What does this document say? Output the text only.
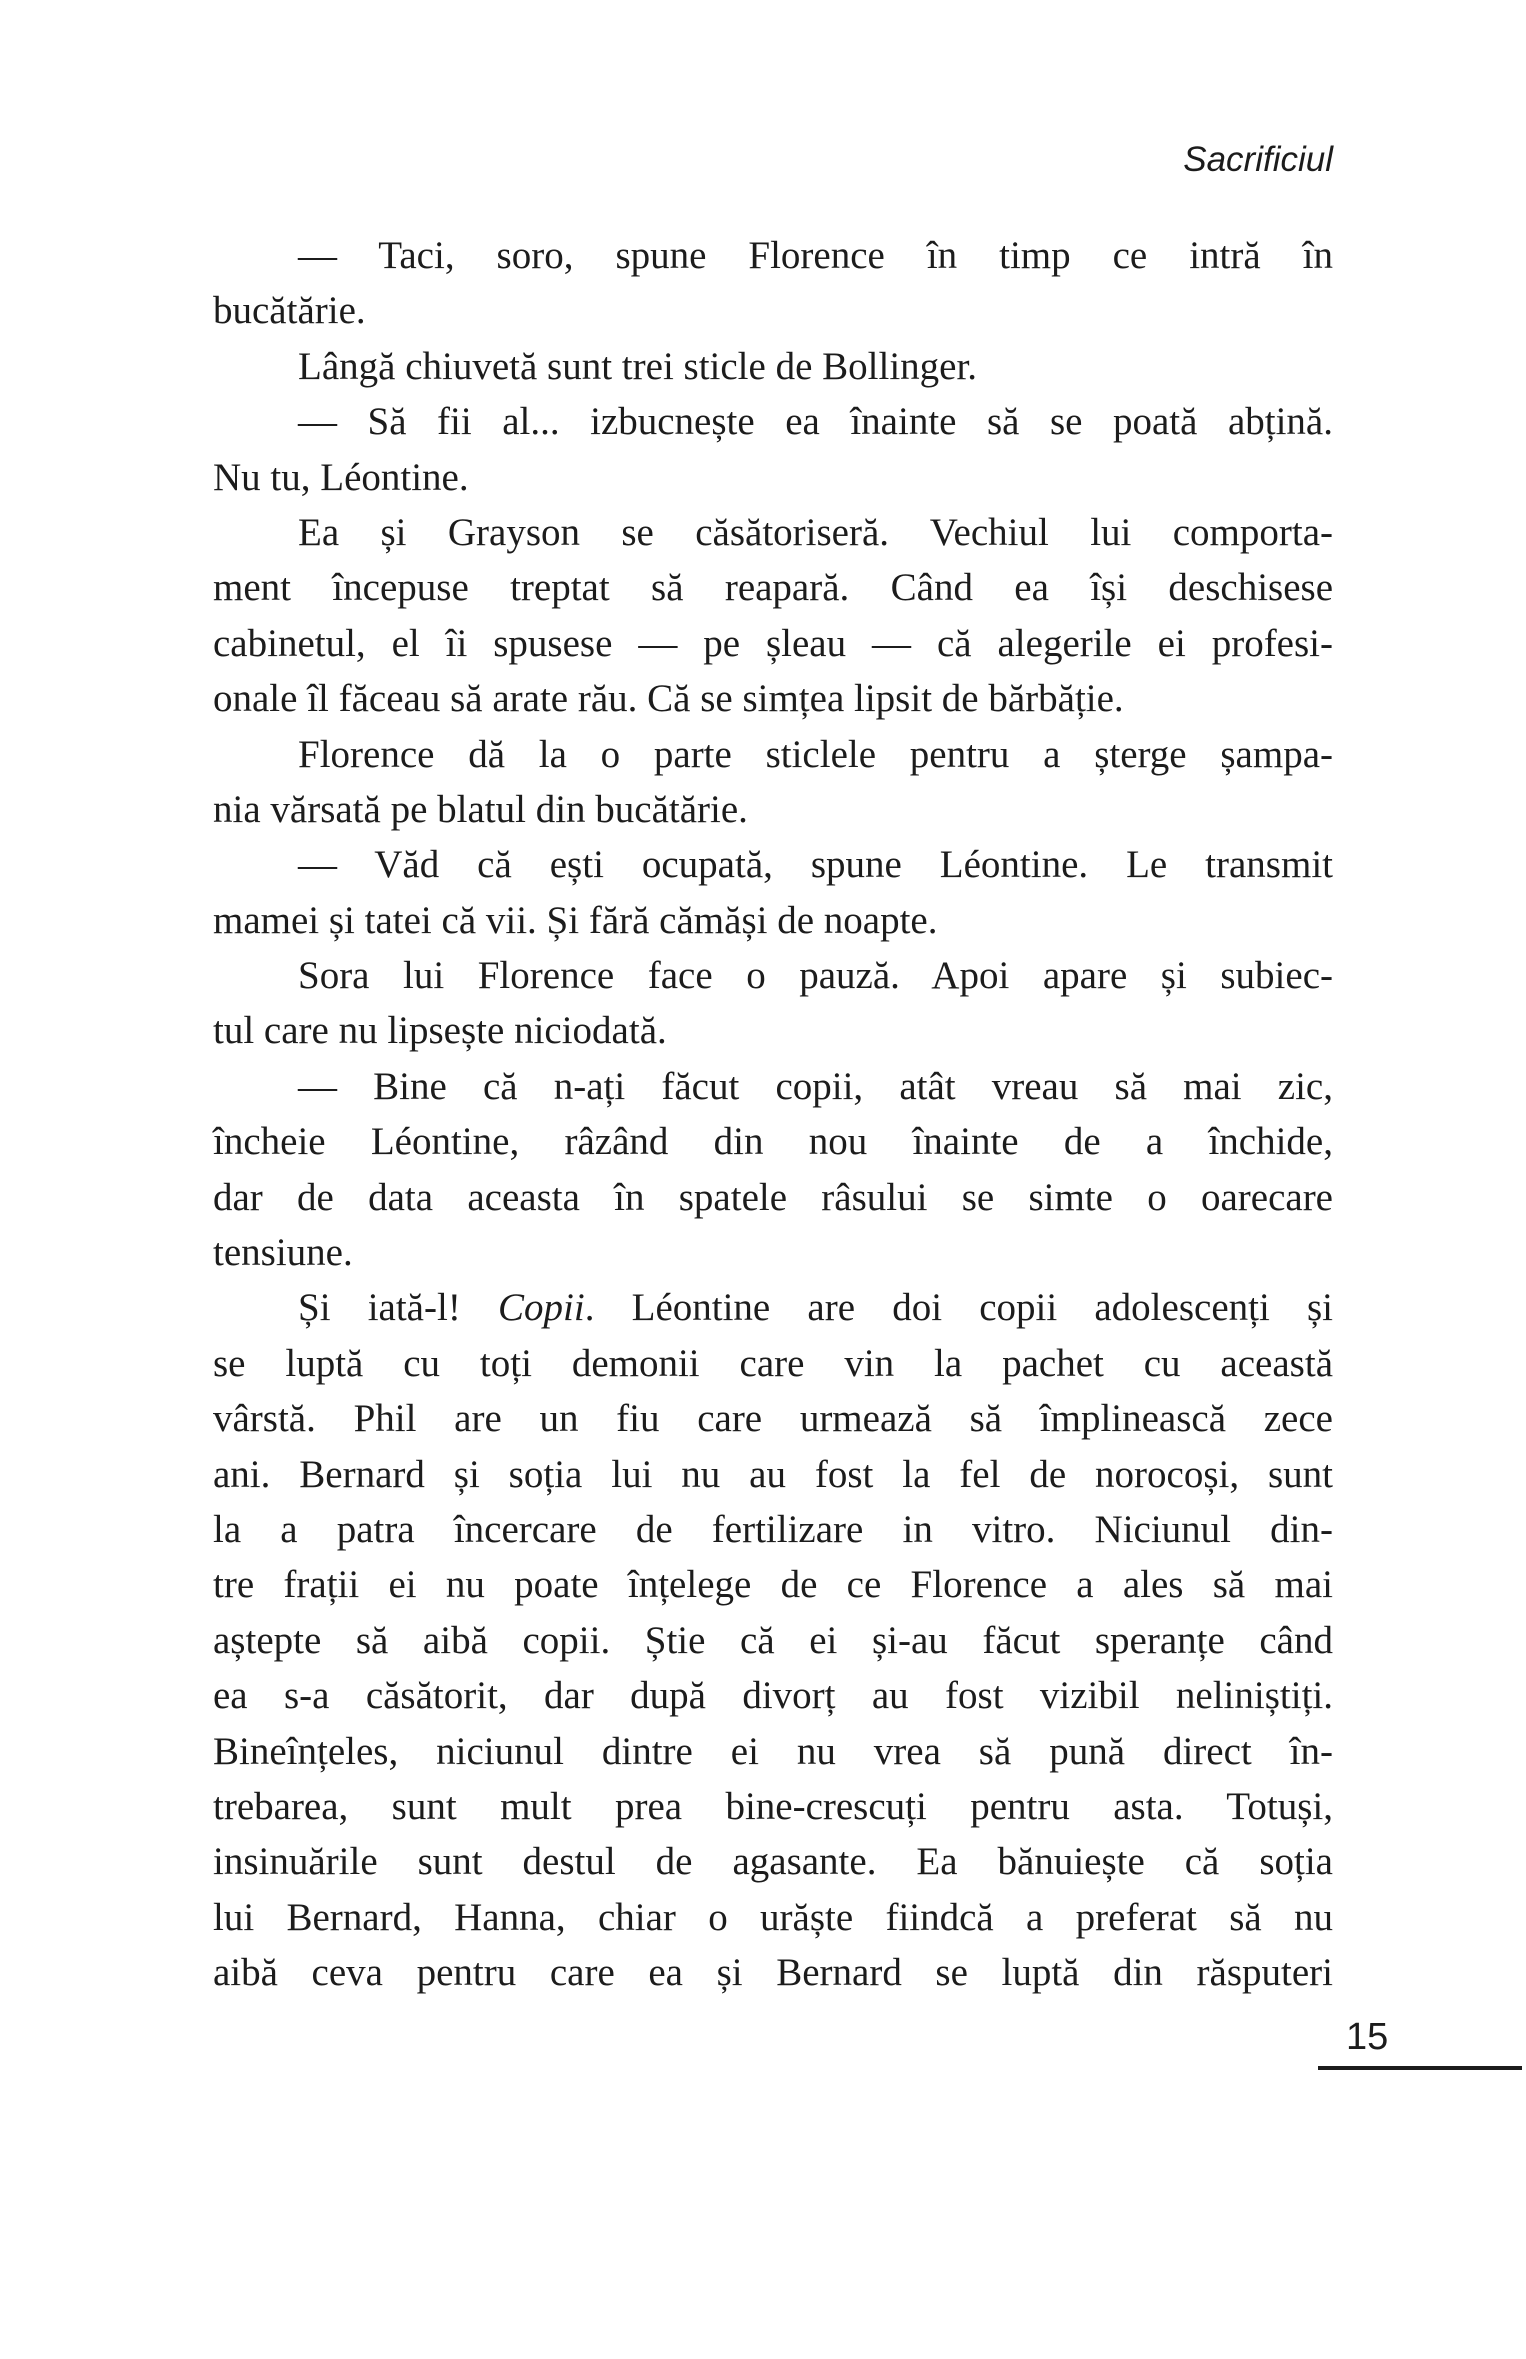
Sacrificiul
— Taci, soro, spune Florence în timp ce intră în
bucătărie.
Lângă chiuvetă sunt trei sticle de Bollinger.
— Să fii al... izbucnește ea înainte să se poată abțină.
Nu tu, Léontine.
Ea și Grayson se căsătoriseră. Vechiul lui comporta-
ment începuse treptat să reapară. Când ea își deschisese
cabinetul, el îi spusese — pe șleau — că alegerile ei profesi-
onale îl făceau să arate rău. Că se simțea lipsit de bărbăție.
Florence dă la o parte sticlele pentru a șterge șampa-
nia vărsată pe blatul din bucătărie.
— Văd că ești ocupată, spune Léontine. Le transmit
mamei și tatei că vii. Și fără cămăși de noapte.
Sora lui Florence face o pauză. Apoi apare și subiec-
tul care nu lipsește niciodată.
— Bine că n-ați făcut copii, atât vreau să mai zic,
încheie Léontine, râzând din nou înainte de a închide,
dar de data aceasta în spatele râsului se simte o oarecare
tensiune.
Și iată-l! Copii. Léontine are doi copii adolescenți și
se luptă cu toți demonii care vin la pachet cu această
vârstă. Phil are un fiu care urmează să împlinească zece
ani. Bernard și soția lui nu au fost la fel de norocoși, sunt
la a patra încercare de fertilizare in vitro. Niciunul din-
tre frații ei nu poate înțelege de ce Florence a ales să mai
aștepte să aibă copii. Știe că ei și-au făcut speranțe când
ea s-a căsătorit, dar după divorț au fost vizibil neliniștiți.
Bineînțeles, niciunul dintre ei nu vrea să pună direct în-
trebarea, sunt mult prea bine-crescuți pentru asta. Totuși,
insinuările sunt destul de agasante. Ea bănuiește că soția
lui Bernard, Hanna, chiar o urăște fiindcă a preferat să nu
aibă ceva pentru care ea și Bernard se luptă din răsputeri
15
